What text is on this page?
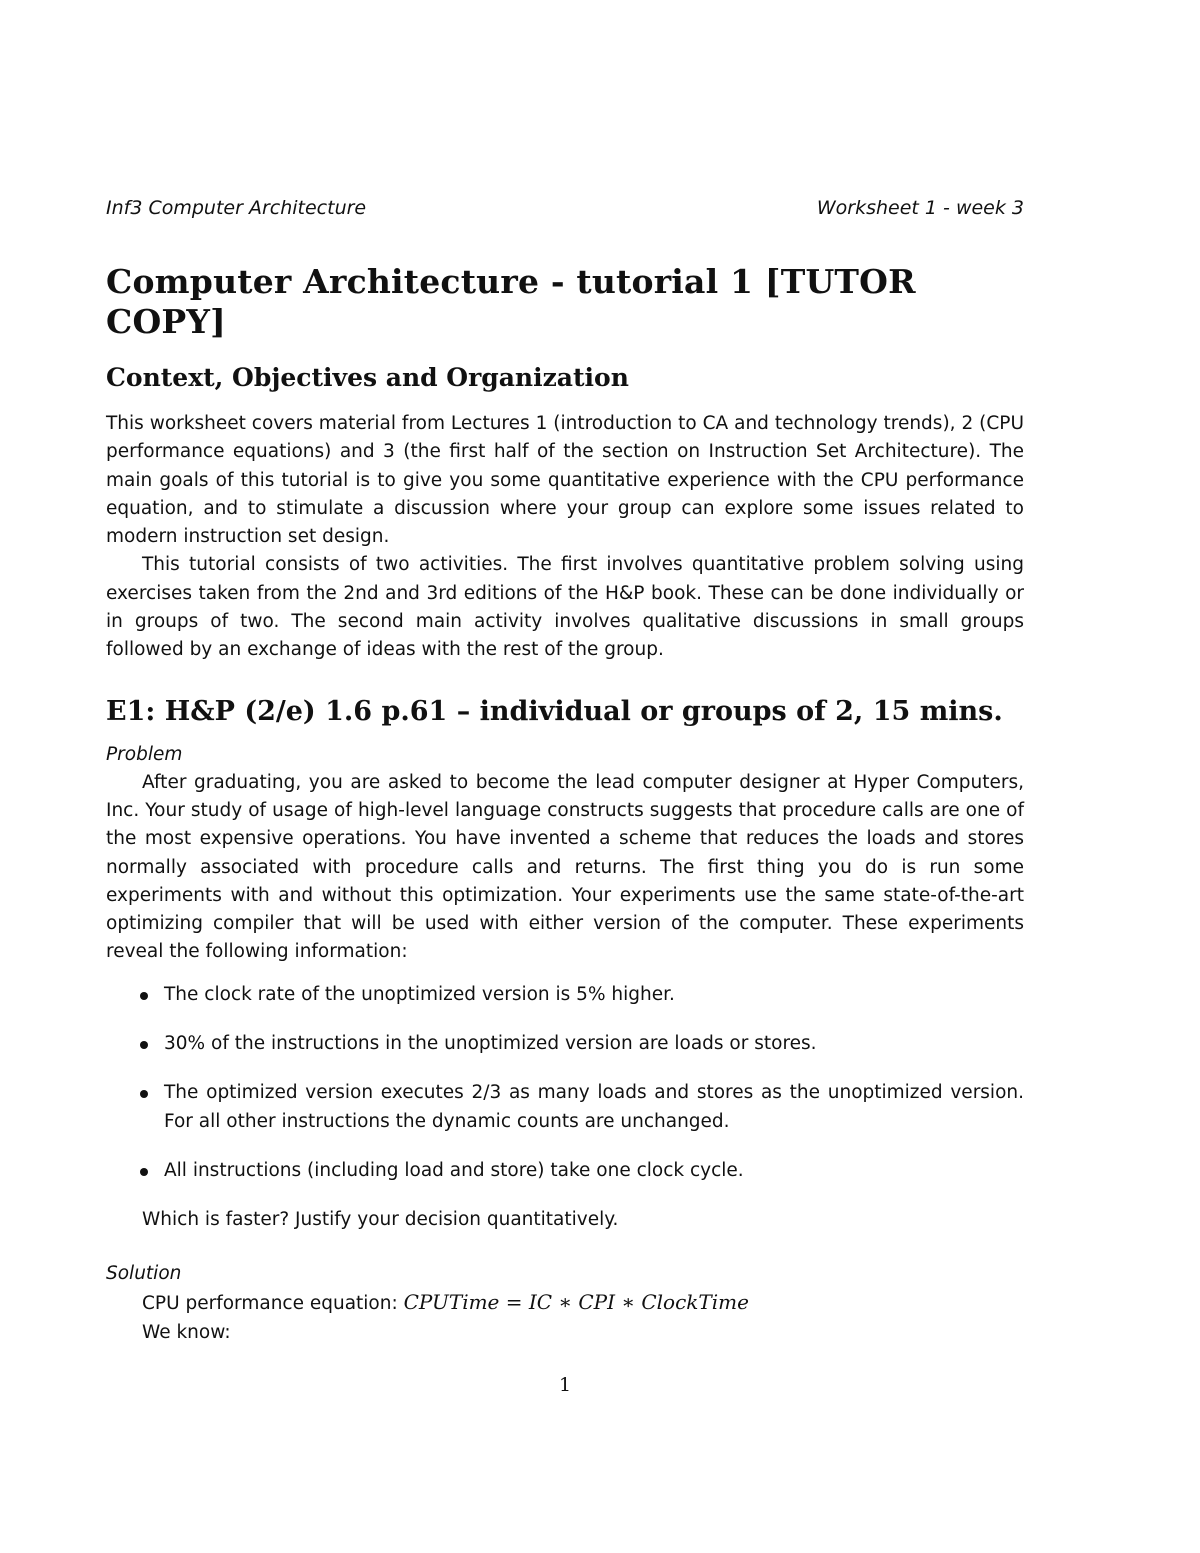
Inf3 Computer Architecture	Worksheet 1 - week 3
Computer Architecture - tutorial 1 [TUTOR COPY]
Context, Objectives and Organization

This worksheet covers material from Lectures 1 (introduction to CA and technology trends), 2 (CPU performance equations) and 3 (the first half of the section on Instruction Set Architecture). The main goals of this tutorial is to give you some quantitative experience with the CPU performance equation, and to stimulate a discussion where your group can explore some issues related to modern instruction set design.

This tutorial consists of two activities. The first involves quantitative problem solving using exercises taken from the 2nd and 3rd editions of the H&P book. These can be done individually or in groups of two. The second main activity involves qualitative discussions in small groups followed by an exchange of ideas with the rest of the group.

E1: H&P (2/e) 1.6 p.61 – individual or groups of 2, 15 mins.
Problem

After graduating, you are asked to become the lead computer designer at Hyper Computers, Inc. Your study of usage of high-level language constructs suggests that procedure calls are one of the most expensive operations. You have invented a scheme that reduces the loads and stores normally associated with procedure calls and returns. The first thing you do is run some experiments with and without this optimization. Your experiments use the same state-of-the-art optimizing compiler that will be used with either version of the computer. These experiments reveal the following information:

The clock rate of the unoptimized version is 5% higher.
30% of the instructions in the unoptimized version are loads or stores.
The optimized version executes 2/3 as many loads and stores as the unoptimized version. For all other instructions the dynamic counts are unchanged.
All instructions (including load and store) take one clock cycle.
Which is faster? Justify your decision quantitatively.
Solution
CPU performance equation: CPUTime = IC ∗ CPI ∗ ClockTime
We know:
1
